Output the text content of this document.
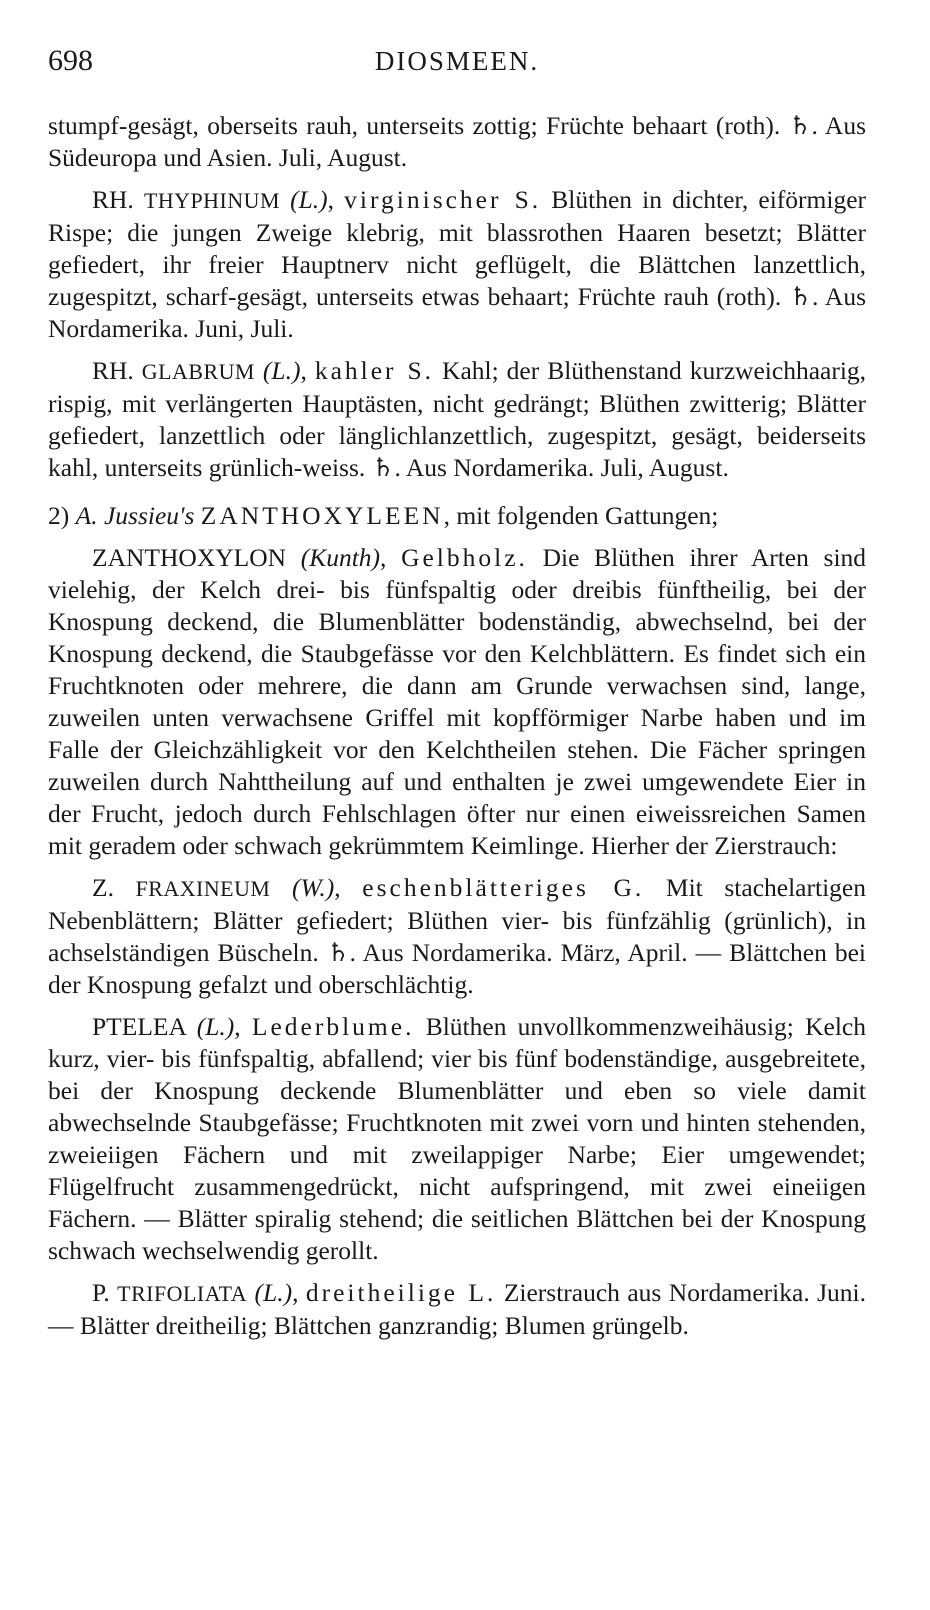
698	DIOSMEEN.

stumpf-gesägt, oberseits rauh, unterseits zottig; Früchte behaart (roth). ♄. Aus Südeuropa und Asien. Juli, August.

RH. THYPHINUM (L.), virginischer S. Blüthen in dichter, eiförmiger Rispe; die jungen Zweige klebrig, mit blassrothen Haaren besetzt; Blätter gefiedert, ihr freier Hauptnerv nicht geflügelt, die Blättchen lanzettlich, zugespitzt, scharf-gesägt, unterseits etwas behaart; Früchte rauh (roth). ♄. Aus Nordamerika. Juni, Juli.

RH. GLABRUM (L.), kahler S. Kahl; der Blüthenstand kurzweichhaarig, rispig, mit verlängerten Hauptästen, nicht gedrängt; Blüthen zwitterig; Blätter gefiedert, lanzettlich oder länglichlanzettlich, zugespitzt, gesägt, beiderseits kahl, unterseits grünlich-weiss. ♄. Aus Nordamerika. Juli, August.

2) A. Jussieu's ZANTHOXYLEEN, mit folgenden Gattungen;

ZANTHOXYLON (Kunth), Gelbholz. Die Blüthen ihrer Arten sind vielehig, der Kelch drei- bis fünfspaltig oder dreibis fünftheilig, bei der Knospung deckend, die Blumenblätter bodenständig, abwechselnd, bei der Knospung deckend, die Staubgefässe vor den Kelchblättern. Es findet sich ein Fruchtknoten oder mehrere, die dann am Grunde verwachsen sind, lange, zuweilen unten verwachsene Griffel mit kopfförmiger Narbe haben und im Falle der Gleichzähligkeit vor den Kelchtheilen stehen. Die Fächer springen zuweilen durch Nahttheilung auf und enthalten je zwei umgewendete Eier in der Frucht, jedoch durch Fehlschlagen öfter nur einen eiweissreichen Samen mit geradem oder schwach gekrümmtem Keimlinge. Hierher der Zierstrauch:

Z. FRAXINEUM (W.), eschenblätteriges G. Mit stachelartigen Nebenblättern; Blätter gefiedert; Blüthen vier- bis fünfzählig (grünlich), in achselständigen Büscheln. ♄. Aus Nordamerika. März, April. — Blättchen bei der Knospung gefalzt und oberschlächtig.

PTELEA (L.), Lederblume. Blüthen unvollkommenzweihäusig; Kelch kurz, vier- bis fünfspaltig, abfallend; vier bis fünf bodenständige, ausgebreitete, bei der Knospung deckende Blumenblätter und eben so viele damit abwechselnde Staubgefässe; Fruchtknoten mit zwei vorn und hinten stehenden, zweieiigen Fächern und mit zweilappiger Narbe; Eier umgewendet; Flügelfrucht zusammengedrückt, nicht aufspringend, mit zwei eineiigen Fächern. — Blätter spiralig stehend; die seitlichen Blättchen bei der Knospung schwach wechselwendig gerollt.

P. TRIFOLIATA (L.), dreitheilige L. Zierstrauch aus Nordamerika. Juni. — Blätter dreitheilig; Blättchen ganzrandig; Blumen grüngelb.
